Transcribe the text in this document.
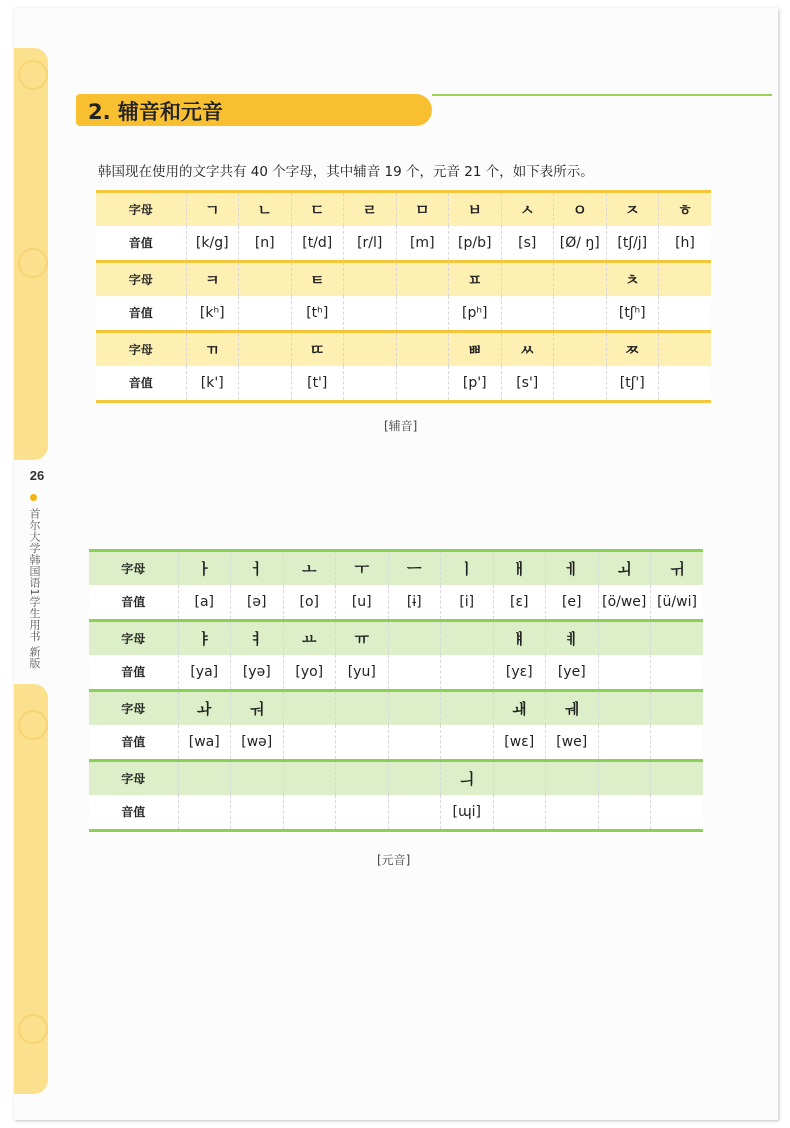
26
首尔大学韩国语1学生用书 新版
2. 辅音和元音
韩国现在使用的文字共有 40 个字母，其中辅音 19 个，元音 21 个，如下表所示。
字母	ㄱ	ㄴ	ㄷ	ㄹ	ㅁ	ㅂ	ㅅ	ㅇ	ㅈ	ㅎ
音值	[k/g]	[n]	[t/d]	[r/l]	[m]	[p/b]	[s]	[Ø/ ŋ]	[tʃ/j]	[h]
字母	ㅋ		ㅌ			ㅍ			ㅊ	
音值	[kʰ]		[tʰ]			[pʰ]			[tʃʰ]	
字母	ㄲ		ㄸ			ㅃ	ㅆ		ㅉ	
音值	[k']		[t']			[p']	[s']		[tʃ']	
[辅音]
字母	ㅏ	ㅓ	ㅗ	ㅜ	ㅡ	ㅣ	ㅐ	ㅔ	ㅚ	ㅟ
音值	[a]	[ə]	[o]	[u]	[ɨ]	[i]	[ɛ]	[e]	[ö/we]	[ü/wi]
字母	ㅑ	ㅕ	ㅛ	ㅠ			ㅒ	ㅖ		
音值	[ya]	[yə]	[yo]	[yu]			[yɛ]	[ye]		
字母	ㅘ	ㅝ					ㅙ	ㅞ		
音值	[wa]	[wə]					[wɛ]	[we]		
字母						ㅢ				
音值						[ɰi]				
[元音]
